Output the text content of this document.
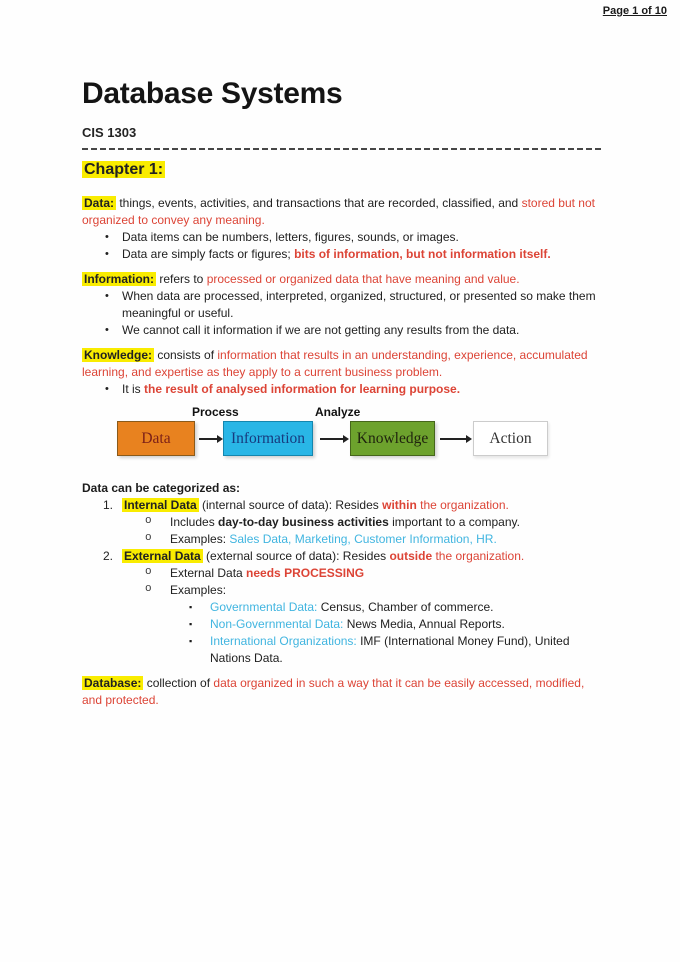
Page 1 of 10
Database Systems
CIS 1303
Chapter 1:

Data: things, events, activities, and transactions that are recorded, classified, and stored but not organized to convey any meaning.

• Data items can be numbers, letters, figures, sounds, or images.
• Data are simply facts or figures; bits of information, but not information itself.

Information: refers to processed or organized data that have meaning and value.

• When data are processed, interpreted, organized, structured, or presented so make them meaningful or useful.
• We cannot call it information if we are not getting any results from the data.

Knowledge: consists of information that results in an understanding, experience, accumulated learning, and expertise as they apply to a current business problem.

• It is the result of analysed information for learning purpose.
Process	Analyze
Data	Information	Knowledge	Action
Data can be categorized as:
1. Internal Data (internal source of data): Resides within the organization.
o Includes day-to-day business activities important to a company.
o Examples: Sales Data, Marketing, Customer Information, HR.
2. External Data (external source of data): Resides outside the organization.
o External Data needs PROCESSING
o Examples:
▪ Governmental Data: Census, Chamber of commerce.
▪ Non-Governmental Data: News Media, Annual Reports.
▪ International Organizations: IMF (International Money Fund), United Nations Data.

Database: collection of data organized in such a way that it can be easily accessed, modified, and protected.
